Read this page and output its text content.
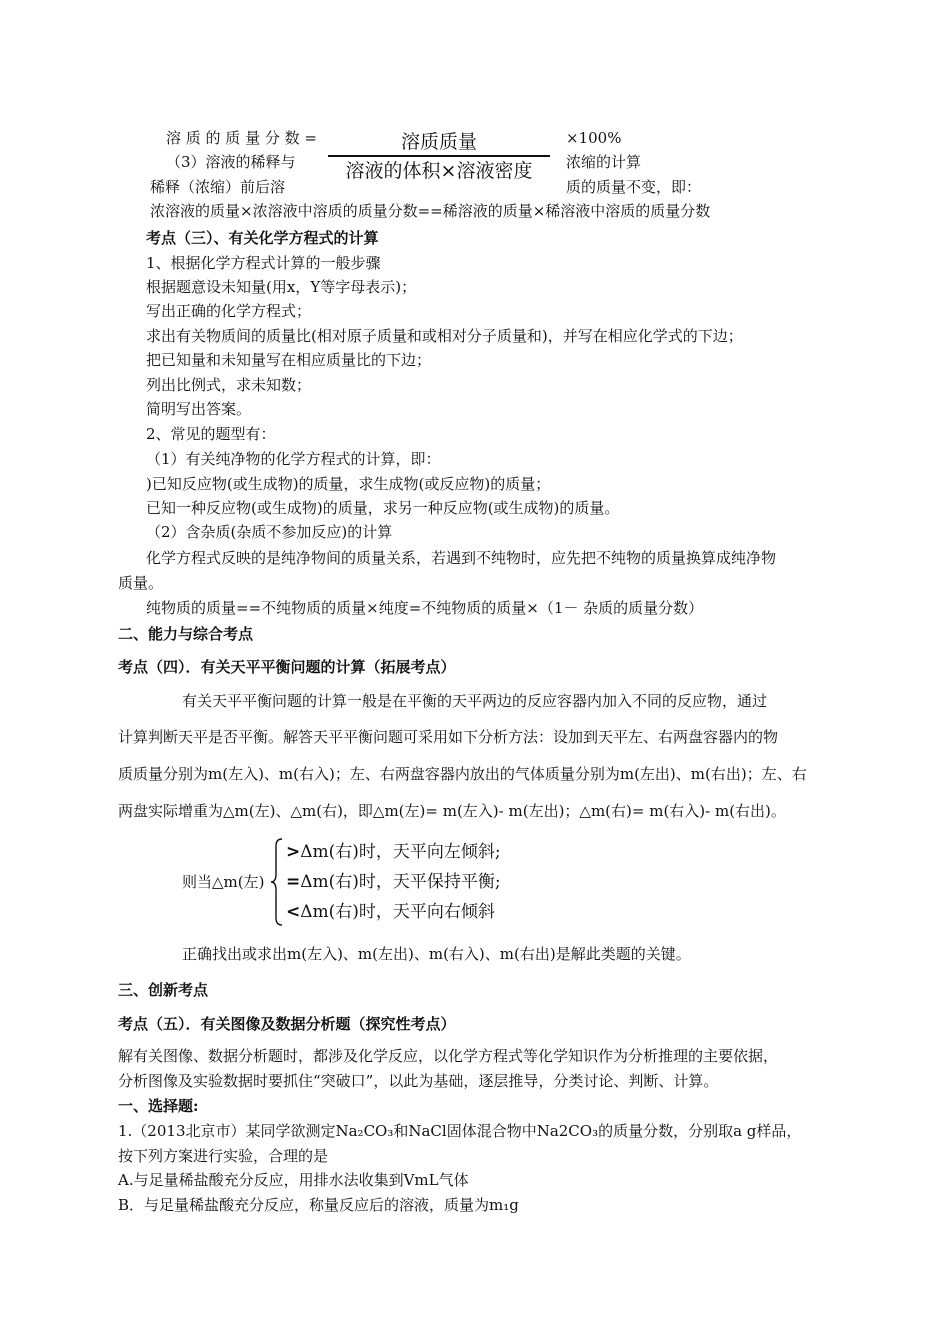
溶 质 的 质 量 分 数 =	溶质质量
溶液的体积×溶液密度
×100%
（3）溶液的稀释与	浓缩的计算
稀释（浓缩）前后溶	质的质量不变，即：
浓溶液的质量×浓溶液中溶质的质量分数==稀溶液的质量×稀溶液中溶质的质量分数
考点（三）、有关化学方程式的计算
1、根据化学方程式计算的一般步骤
根据题意设未知量(用x，Y等字母表示)；
写出正确的化学方程式；
求出有关物质间的质量比(相对原子质量和或相对分子质量和)，并写在相应化学式的下边；
把已知量和未知量写在相应质量比的下边；
列出比例式，求未知数；
简明写出答案。
2、常见的题型有：
（1）有关纯净物的化学方程式的计算，即：
)已知反应物(或生成物)的质量，求生成物(或反应物)的质量；
已知一种反应物(或生成物)的质量，求另一种反应物(或生成物)的质量。
（2）含杂质(杂质不参加反应)的计算
化学方程式反映的是纯净物间的质量关系，若遇到不纯物时，应先把不纯物的质量换算成纯净物
质量。
纯物质的质量==不纯物质的质量×纯度=不纯物质的质量×（1－ 杂质的质量分数）
二、能力与综合考点
考点（四）．有关天平平衡问题的计算（拓展考点）
有关天平平衡问题的计算一般是在平衡的天平两边的反应容器内加入不同的反应物，通过
计算判断天平是否平衡。解答天平平衡问题可采用如下分析方法：设加到天平左、右两盘容器内的物
质质量分别为m(左入)、m(右入)；左、右两盘容器内放出的气体质量分别为m(左出)、m(右出)；左、右
两盘实际增重为△m(左)、△m(右)，即△m(左)= m(左入)- m(左出)；△m(右)= m(右入)- m(右出)。
则当△m(左)
>Δm(右)时，天平向左倾斜;
=Δm(右)时，天平保持平衡;
<Δm(右)时，天平向右倾斜
正确找出或求出m(左入)、m(左出)、m(右入)、m(右出)是解此类题的关键。
三、创新考点
考点（五）．有关图像及数据分析题（探究性考点）
解有关图像、数据分析题时，都涉及化学反应，以化学方程式等化学知识作为分析推理的主要依据，
分析图像及实验数据时要抓住“突破口”，以此为基础，逐层推导，分类讨论、判断、计算。
一、选择题:
1.（2013北京市）某同学欲测定Na₂CO₃和NaCl固体混合物中Na2CO₃的质量分数，分别取a g样品，
按下列方案进行实验，合理的是
A.与足量稀盐酸充分反应，用排水法收集到VmL气体
B．与足量稀盐酸充分反应，称量反应后的溶液，质量为m₁g
